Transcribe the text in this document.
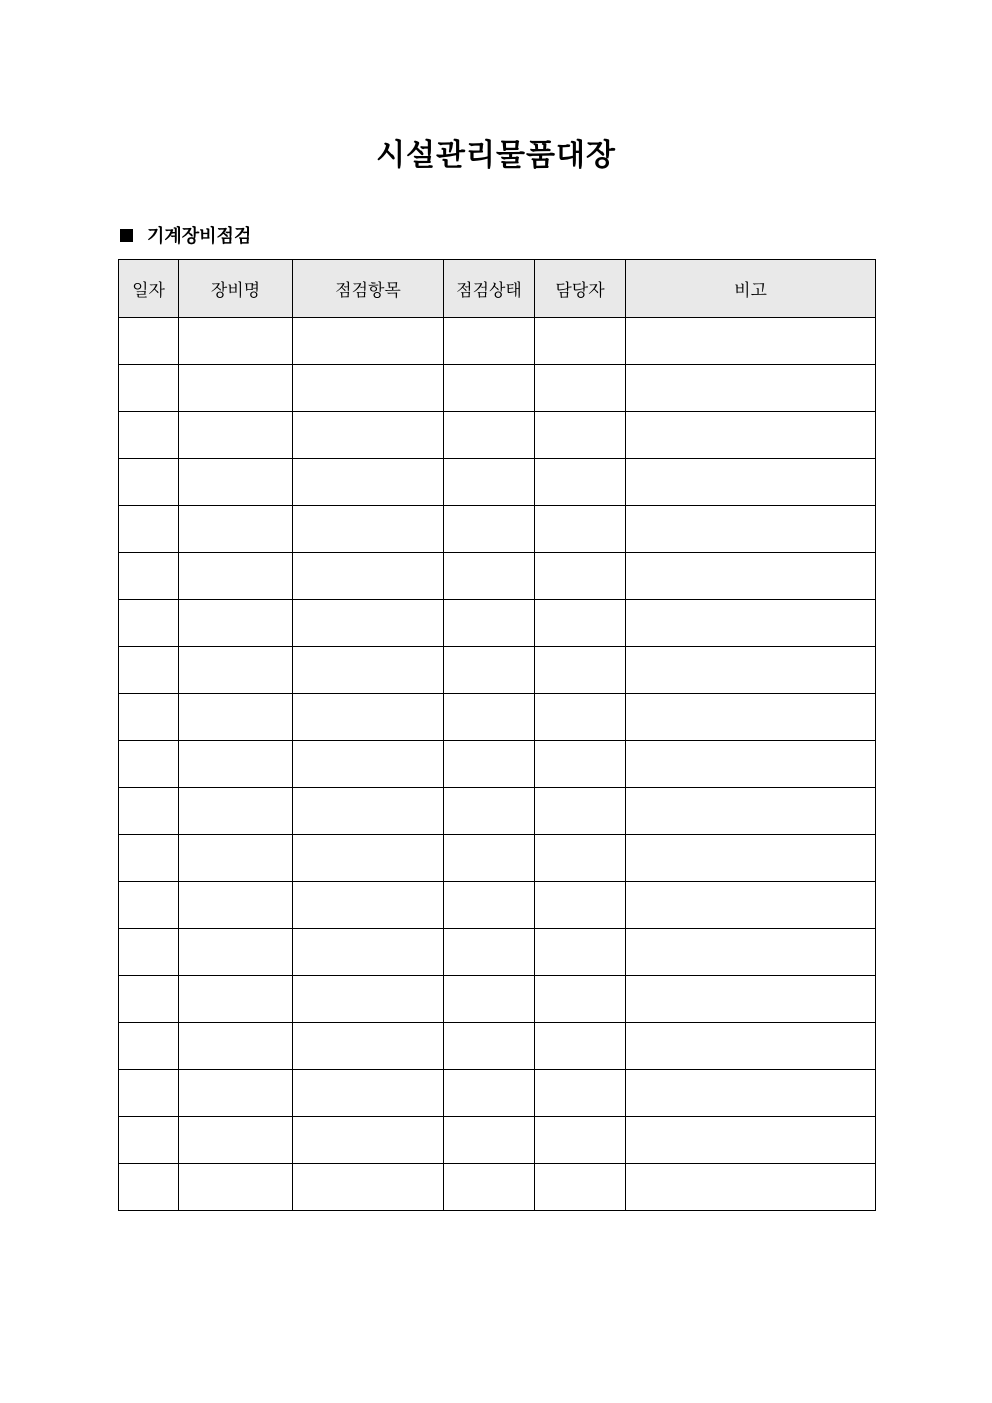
시설관리물품대장
기계장비점검
일자	장비명	점검항목	점검상태	담당자	비고
